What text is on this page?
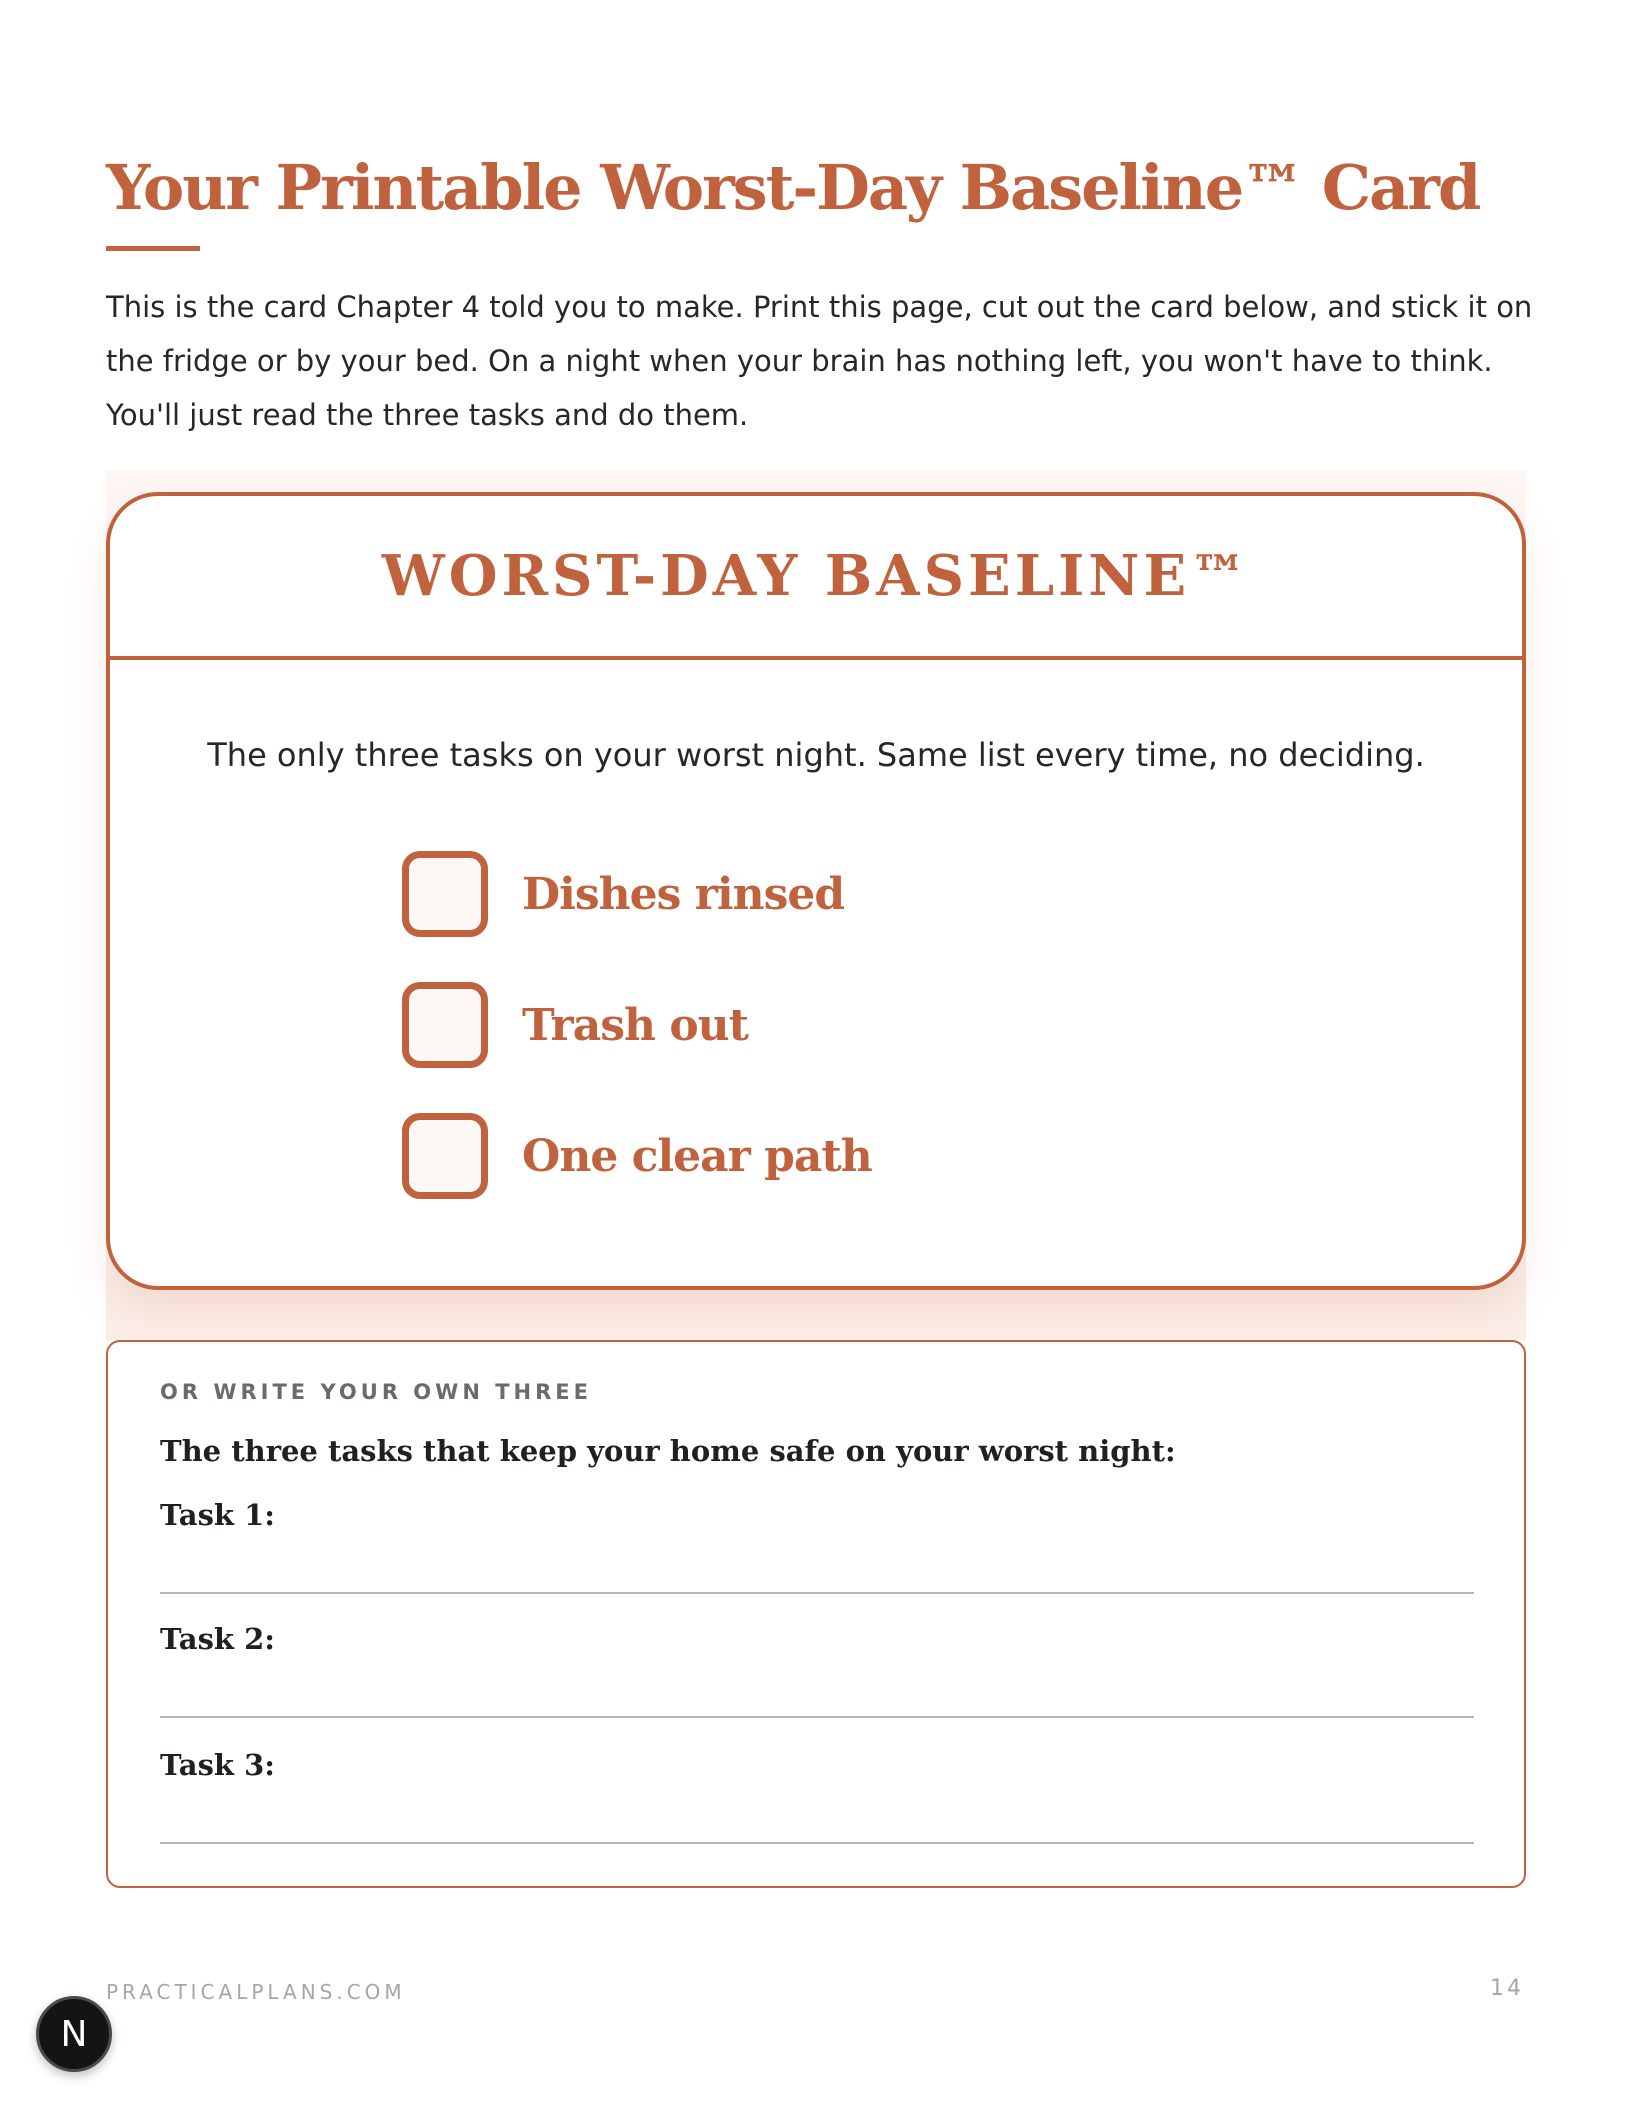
Your Printable Worst-Day Baseline™ Card

This is the card Chapter 4 told you to make. Print this page, cut out the card below, and stick it on the fridge or by your bed. On a night when your brain has nothing left, you won't have to think. You'll just read the three tasks and do them.

WORST-DAY BASELINE™
The only three tasks on your worst night. Same list every time, no deciding.
Dishes rinsed
Trash out
One clear path
OR WRITE YOUR OWN THREE
The three tasks that keep your home safe on your worst night:
Task 1:
Task 2:
Task 3:
PRACTICALPLANS.COM	14
N
